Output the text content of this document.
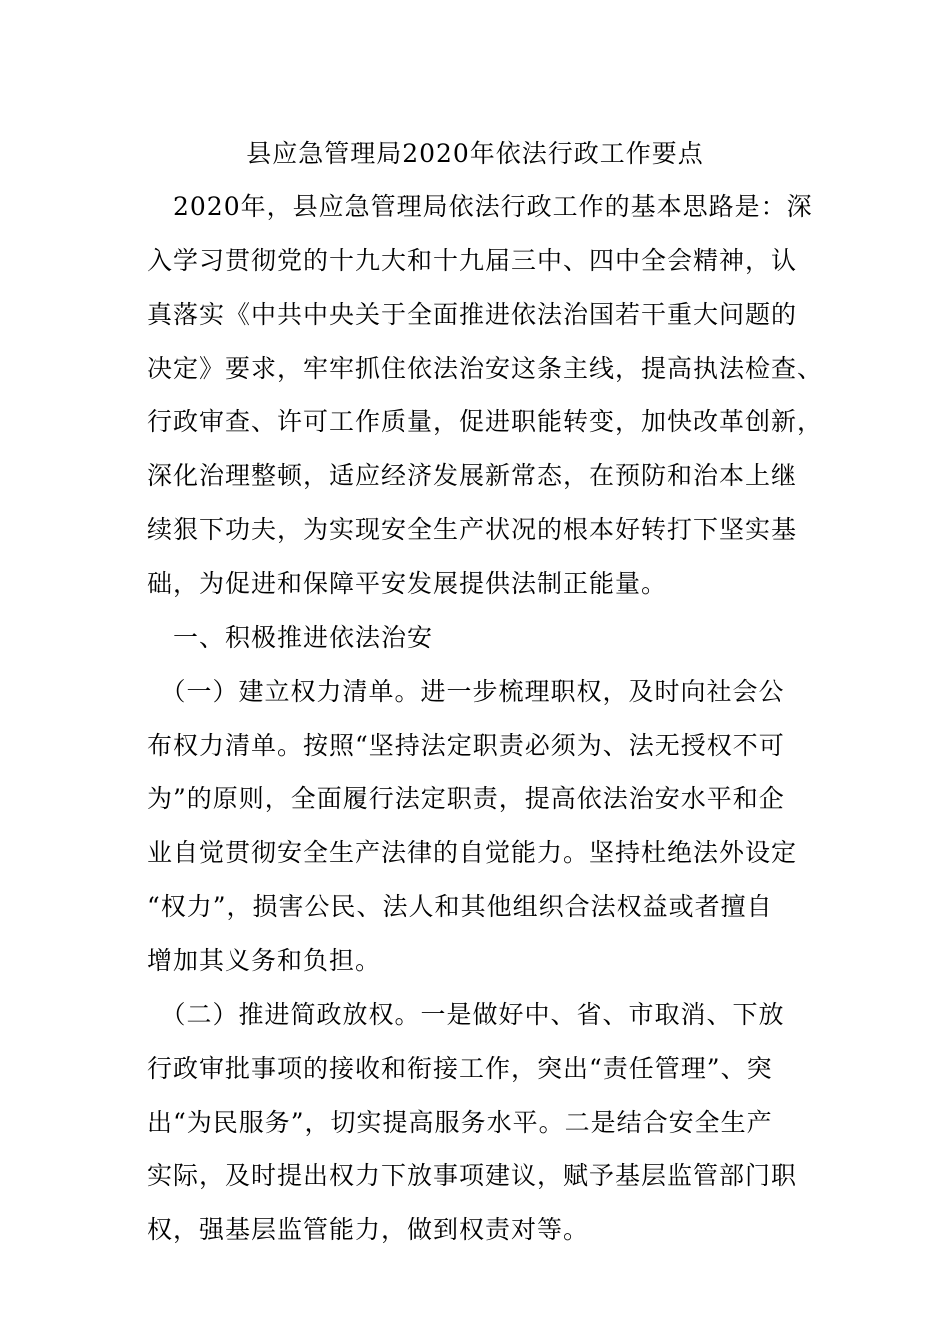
县应急管理局2020年依法行政工作要点
　2020年，县应急管理局依法行政工作的基本思路是：深
入学习贯彻党的十九大和十九届三中、四中全会精神，认
真落实《中共中央关于全面推进依法治国若干重大问题的
决定》要求，牢牢抓住依法治安这条主线，提高执法检查、
行政审查、许可工作质量，促进职能转变，加快改革创新，
深化治理整顿，适应经济发展新常态，在预防和治本上继
续狠下功夫，为实现安全生产状况的根本好转打下坚实基
础，为促进和保障平安发展提供法制正能量。
　一、积极推进依法治安
　（一）建立权力清单。进一步梳理职权，及时向社会公
布权力清单。按照“坚持法定职责必须为、法无授权不可
为”的原则，全面履行法定职责，提高依法治安水平和企
业自觉贯彻安全生产法律的自觉能力。坚持杜绝法外设定
“权力”，损害公民、法人和其他组织合法权益或者擅自
增加其义务和负担。
　（二）推进简政放权。一是做好中、省、市取消、下放
行政审批事项的接收和衔接工作，突出“责任管理”、突
出“为民服务”，切实提高服务水平。二是结合安全生产
实际，及时提出权力下放事项建议，赋予基层监管部门职
权，强基层监管能力，做到权责对等。
